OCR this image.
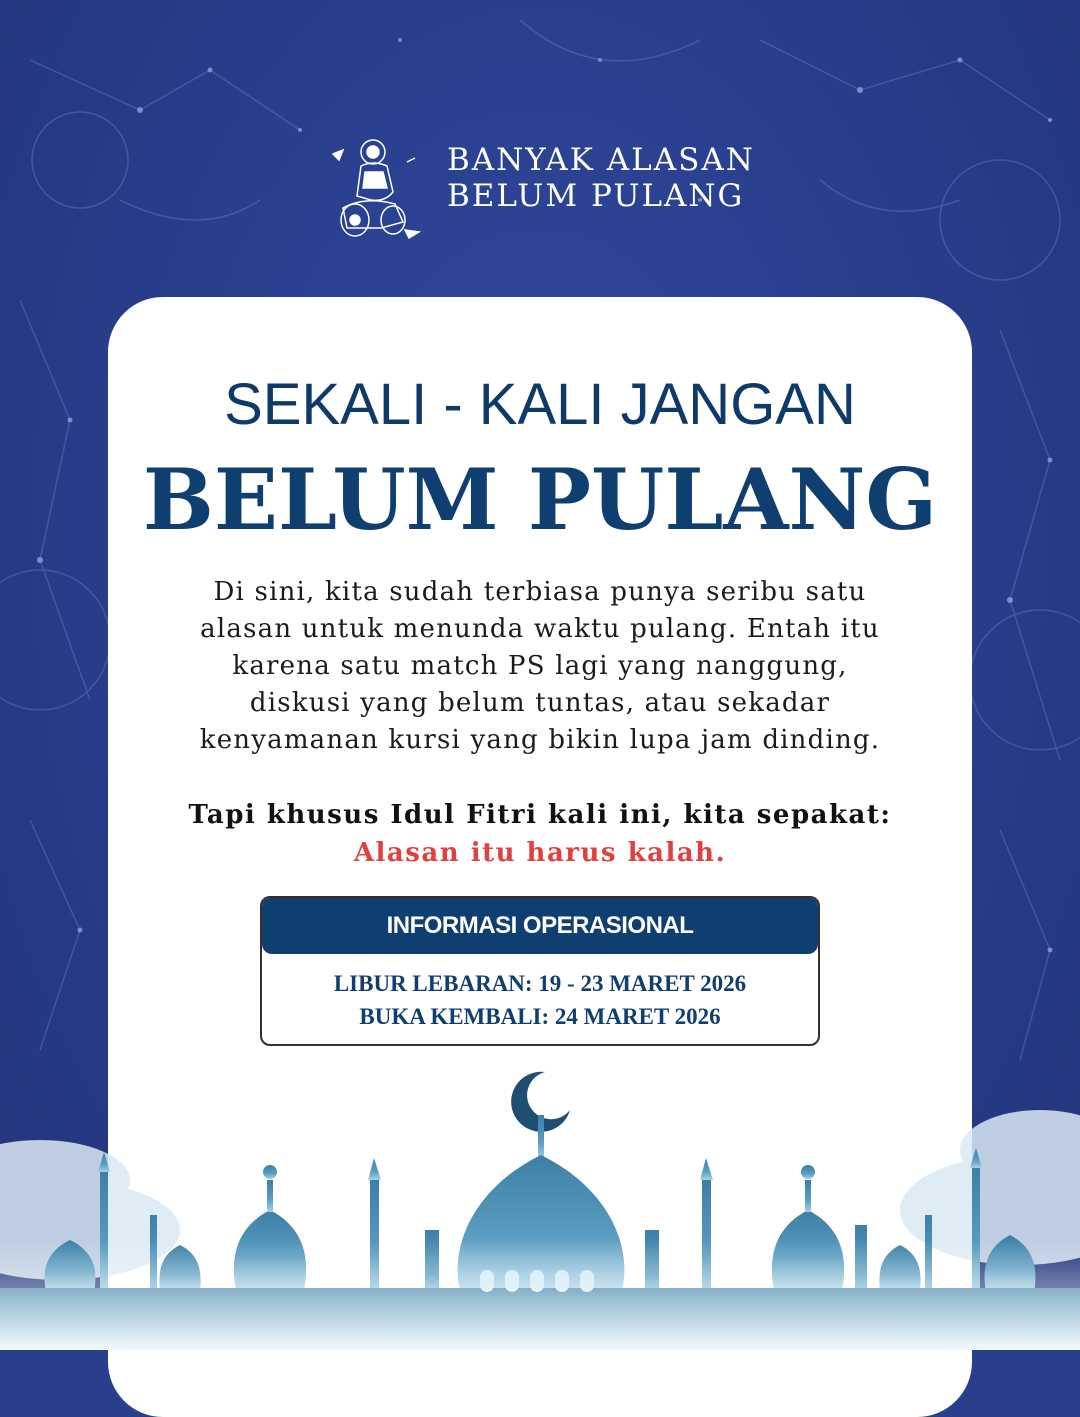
BANYAK ALASAN
BELUM PULANG
SEKALI - KALI JANGAN
BELUM PULANG
Di sini, kita sudah terbiasa punya seribu satu
alasan untuk menunda waktu pulang. Entah itu
karena satu match PS lagi yang nanggung,
diskusi yang belum tuntas, atau sekadar
kenyamanan kursi yang bikin lupa jam dinding.
Tapi khusus Idul Fitri kali ini, kita sepakat:
Alasan itu harus kalah.
INFORMASI OPERASIONAL
LIBUR LEBARAN: 19 - 23 MARET 2026
BUKA KEMBALI: 24 MARET 2026
